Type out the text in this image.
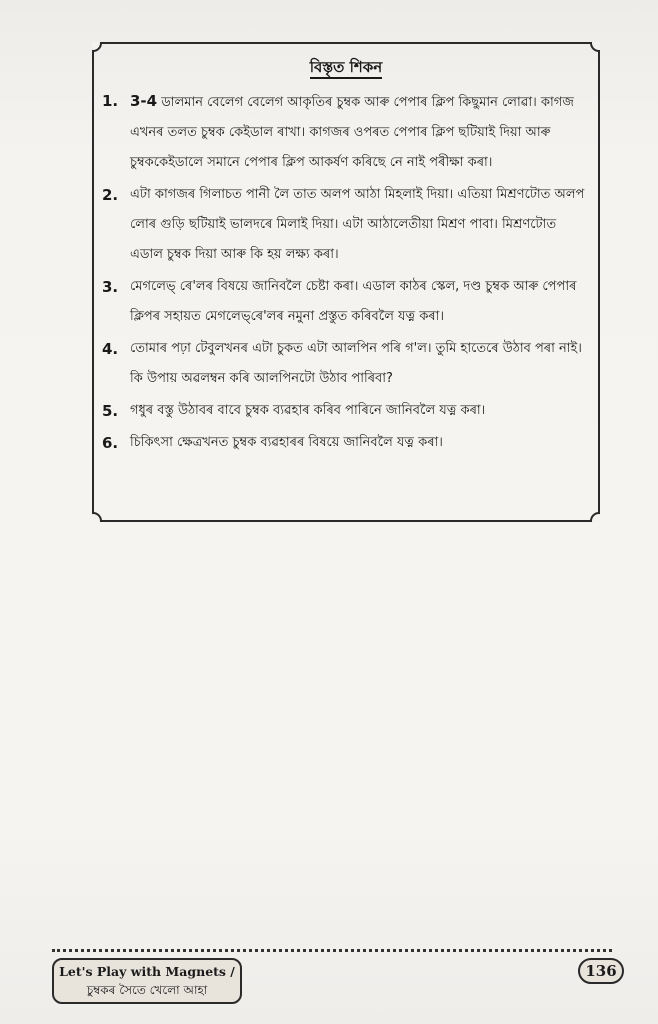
বিস্তৃত শিকন
1. 3-4 ডালমান বেলেগ বেলেগ আকৃতিৰ চুম্বক আৰু পেপাৰ ক্লিপ কিছুমান লোৱা। কাগজ এখনৰ তলত চুম্বক কেইডাল ৰাখা। কাগজৰ ওপৰত পেপাৰ ক্লিপ ছটিয়াই দিয়া আৰু চুম্বককেইডালে সমানে পেপাৰ ক্লিপ আকৰ্ষণ কৰিছে নে নাই পৰীক্ষা কৰা।
2. এটা কাগজৰ গিলাচত পানী লৈ তাত অলপ আঠা মিহলাই দিয়া। এতিয়া মিশ্ৰণটোত অলপ লোৰ গুড়ি ছটিয়াই ভালদৰে মিলাই দিয়া। এটা আঠালেতীয়া মিশ্ৰণ পাবা। মিশ্ৰণটোত এডাল চুম্বক দিয়া আৰু কি হয় লক্ষ্য কৰা।
3. মেগলেভ্ ৰে'লৰ বিষয়ে জানিবলৈ চেষ্টা কৰা। এডাল কাঠৰ স্কেল, দণ্ড চুম্বক আৰু পেপাৰ ক্লিপৰ সহায়ত মেগলেভ্‌ৰে'লৰ নমুনা প্ৰস্তুত কৰিবলৈ যত্ন কৰা।
4. তোমাৰ পঢ়া টেবুলখনৰ এটা চুকত এটা আলপিন পৰি গ'ল। তুমি হাতেৰে উঠাব পৰা নাই। কি উপায় অৱলম্বন কৰি আলপিনটো উঠাব পাৰিবা?
5. গধুৰ বস্তু উঠাবৰ বাবে চুম্বক ব্যৱহাৰ কৰিব পাৰিনে জানিবলৈ যত্ন কৰা।
6. চিকিৎসা ক্ষেত্ৰখনত চুম্বক ব্যৱহাৰৰ বিষয়ে জানিবলৈ যত্ন কৰা।
Let's Play with Magnets /
চুম্বকৰ সৈতে খেলো আহা
136
